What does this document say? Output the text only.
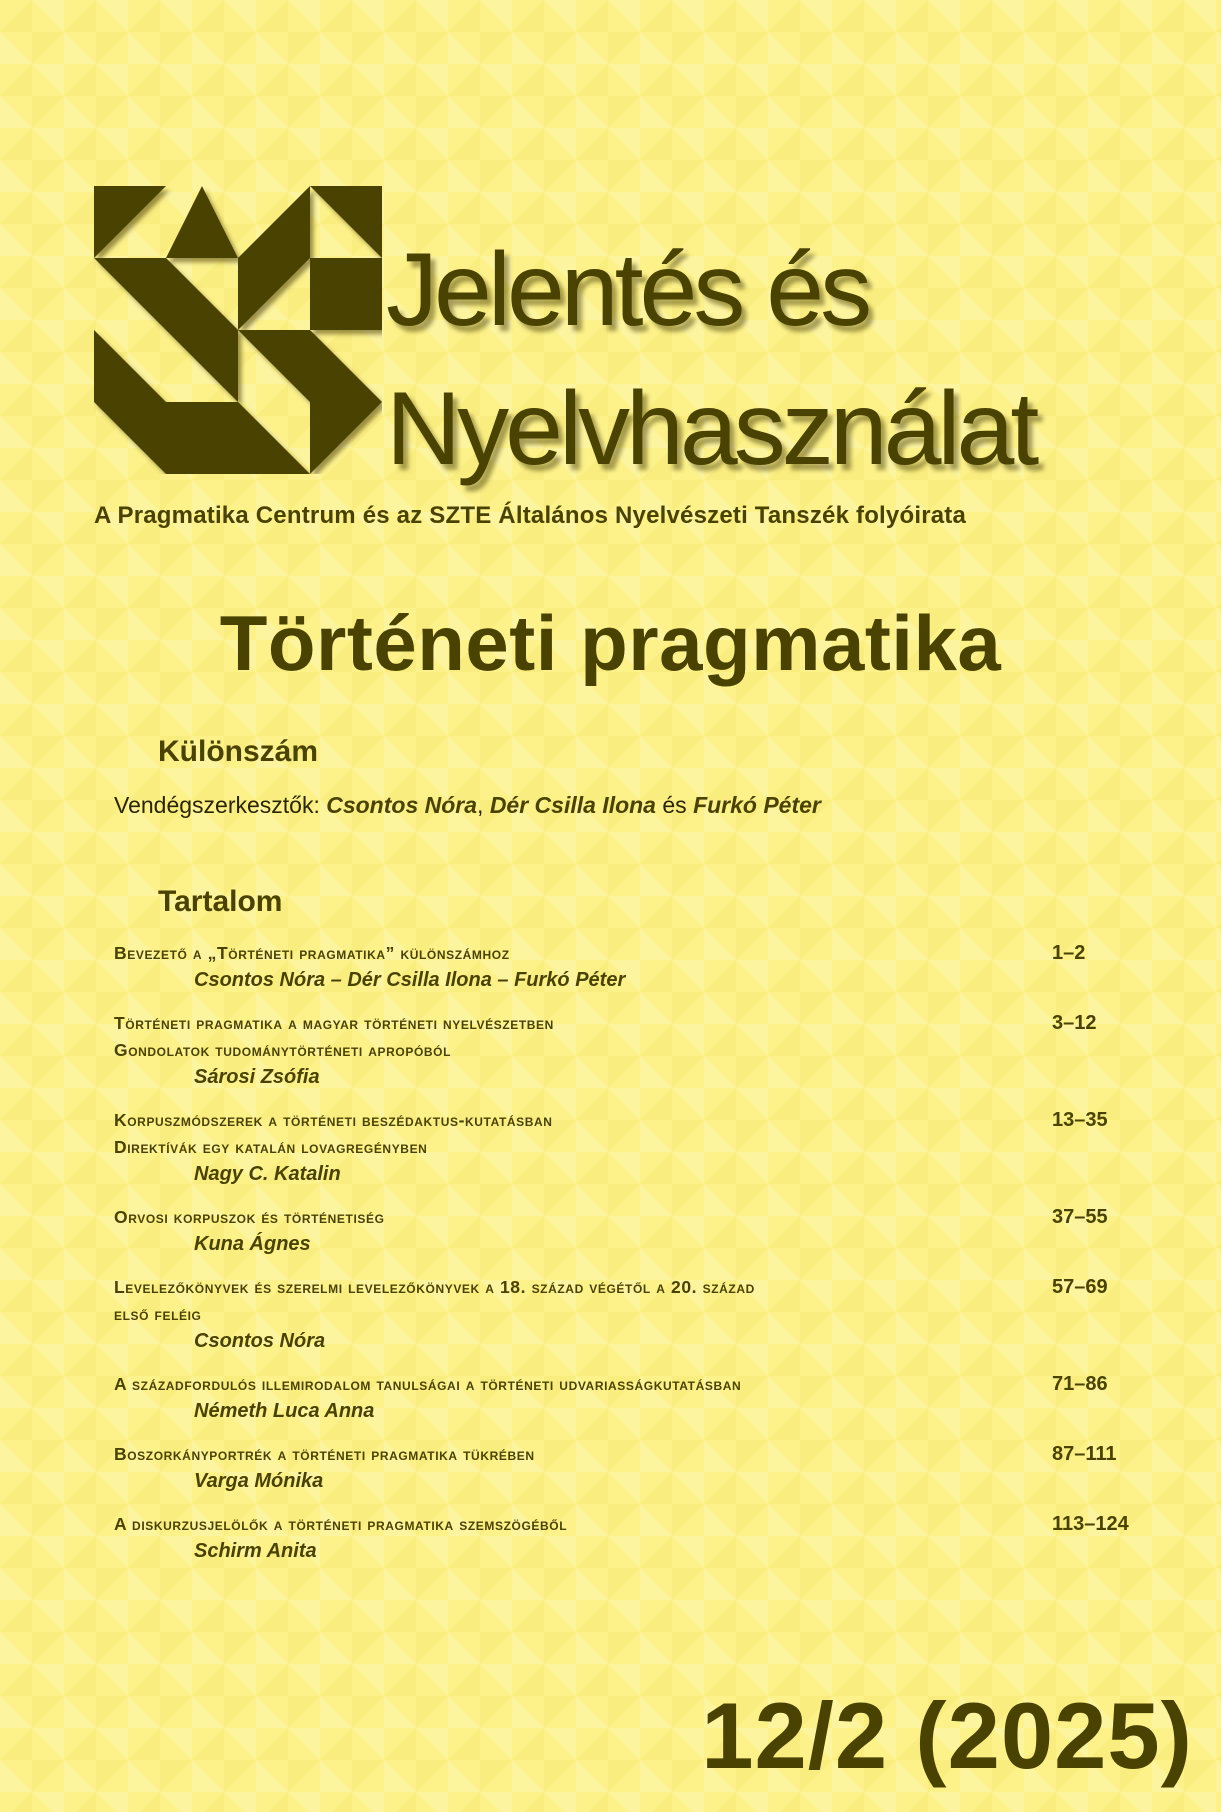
Jelentés és
Nyelvhasználat
A Pragmatika Centrum és az SZTE Általános Nyelvészeti Tanszék folyóirata
Történeti pragmatika
Különszám
Vendégszerkesztők: Csontos Nóra, Dér Csilla Ilona és Furkó Péter
Tartalom
Bevezető a „Történeti pragmatika” különszámhoz
Csontos Nóra – Dér Csilla Ilona – Furkó Péter
1–2
Történeti pragmatika a magyar történeti nyelvészetben
Gondolatok tudománytörténeti apropóból
Sárosi Zsófia
3–12
Korpuszmódszerek a történeti beszédaktus-kutatásban
Direktívák egy katalán lovagregényben
Nagy C. Katalin
13–35
Orvosi korpuszok és történetiség
Kuna Ágnes
37–55
Levelezőkönyvek és szerelmi levelezőkönyvek a 18. század végétől a 20. század
első feléig
Csontos Nóra
57–69
A századfordulós illemirodalom tanulságai a történeti udvariasságkutatásban
Németh Luca Anna
71–86
Boszorkányportrék a történeti pragmatika tükrében
Varga Mónika
87–111
A diskurzusjelölők a történeti pragmatika szemszögéből
Schirm Anita
113–124
12/2 (2025)
